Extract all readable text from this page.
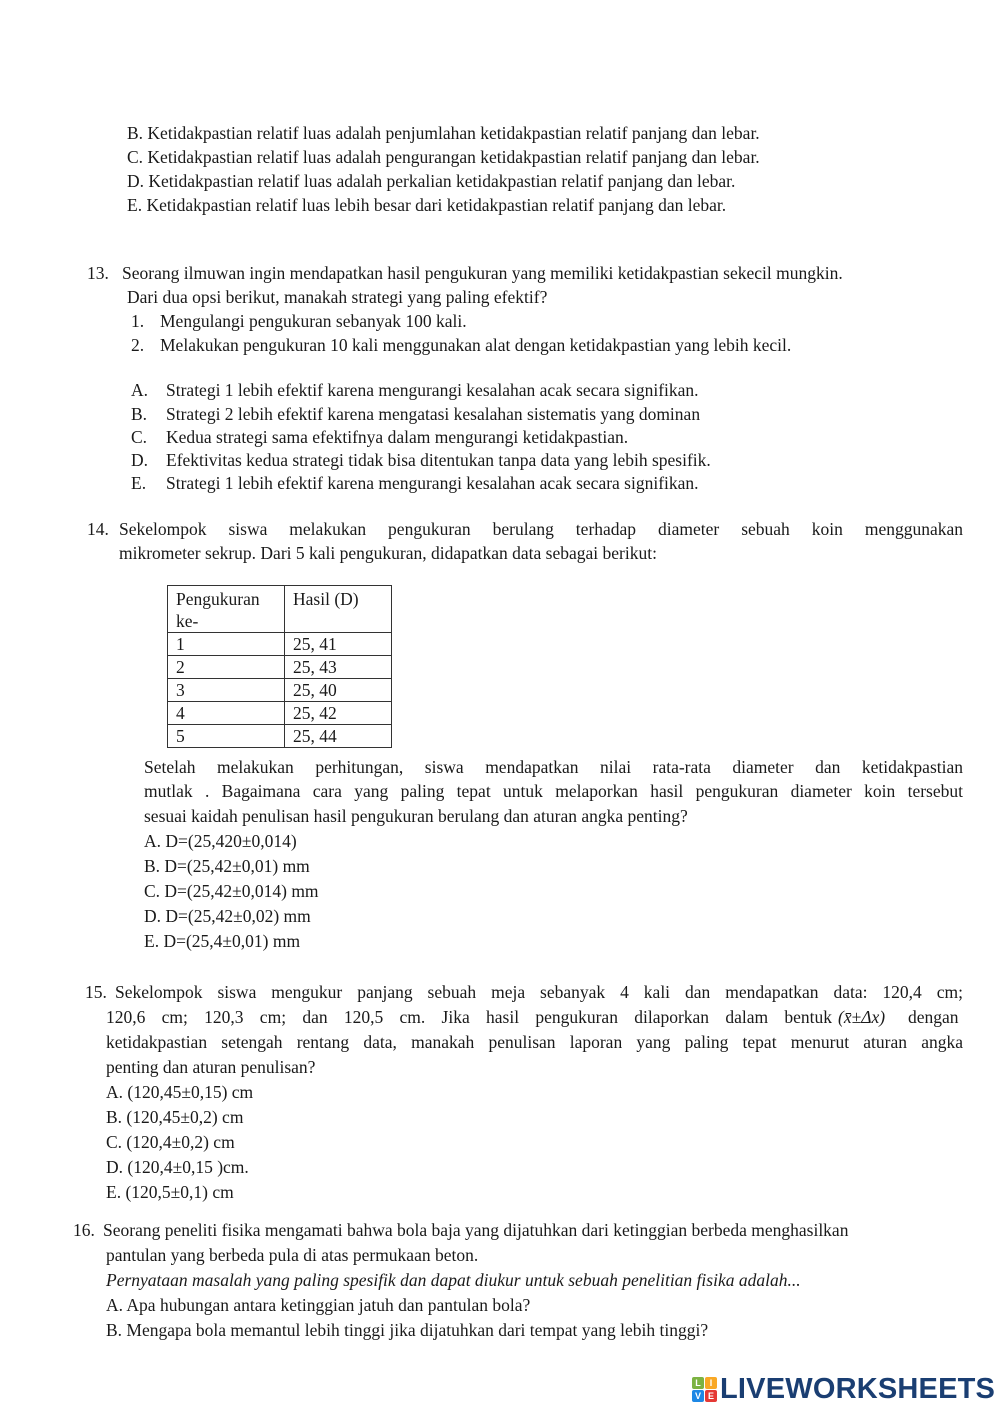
B. Ketidakpastian relatif luas adalah penjumlahan ketidakpastian relatif panjang dan lebar.
C. Ketidakpastian relatif luas adalah pengurangan ketidakpastian relatif panjang dan lebar.
D. Ketidakpastian relatif luas adalah perkalian ketidakpastian relatif panjang dan lebar.
E. Ketidakpastian relatif luas lebih besar dari ketidakpastian relatif panjang dan lebar.
13. Seorang ilmuwan ingin mendapatkan hasil pengukuran yang memiliki ketidakpastian sekecil mungkin.
Dari dua opsi berikut, manakah strategi yang paling efektif?
1. Mengulangi pengukuran sebanyak 100 kali.
2. Melakukan pengukuran 10 kali menggunakan alat dengan ketidakpastian yang lebih kecil.
A. Strategi 1 lebih efektif karena mengurangi kesalahan acak secara signifikan.
B. Strategi 2 lebih efektif karena mengatasi kesalahan sistematis yang dominan
C. Kedua strategi sama efektifnya dalam mengurangi ketidakpastian.
D. Efektivitas kedua strategi tidak bisa ditentukan tanpa data yang lebih spesifik.
E. Strategi 1 lebih efektif karena mengurangi kesalahan acak secara signifikan.
14. Sekelompok siswa melakukan pengukuran berulang terhadap diameter sebuah koin menggunakan
mikrometer sekrup. Dari 5 kali pengukuran, didapatkan data sebagai berikut:
Pengukuran ke-	Hasil (D)
1	25, 41
2	25, 43
3	25, 40
4	25, 42
5	25, 44
Setelah melakukan perhitungan, siswa mendapatkan nilai rata-rata diameter dan ketidakpastian
mutlak . Bagaimana cara yang paling tepat untuk melaporkan hasil pengukuran diameter koin tersebut
sesuai kaidah penulisan hasil pengukuran berulang dan aturan angka penting?
A. D=(25,420±0,014)
B. D=(25,42±0,01) mm
C. D=(25,42±0,014) mm
D. D=(25,42±0,02) mm
E. D=(25,4±0,01) mm
15. Sekelompok siswa mengukur panjang sebuah meja sebanyak 4 kali dan mendapatkan data: 120,4 cm;
120,6 cm; 120,3 cm; dan 120,5 cm. Jika hasil pengukuran dilaporkan dalam bentuk (x̄±Δx) dengan
ketidakpastian setengah rentang data, manakah penulisan laporan yang paling tepat menurut aturan angka
penting dan aturan penulisan?
A. (120,45±0,15) cm
B. (120,45±0,2) cm
C. (120,4±0,2) cm
D. (120,4±0,15 )cm.
E. (120,5±0,1) cm
16. Seorang peneliti fisika mengamati bahwa bola baja yang dijatuhkan dari ketinggian berbeda menghasilkan
pantulan yang berbeda pula di atas permukaan beton.
Pernyataan masalah yang paling spesifik dan dapat diukur untuk sebuah penelitian fisika adalah...
A. Apa hubungan antara ketinggian jatuh dan pantulan bola?
B. Mengapa bola memantul lebih tinggi jika dijatuhkan dari tempat yang lebih tinggi?
L I
V E LIVEWORKSHEETS
